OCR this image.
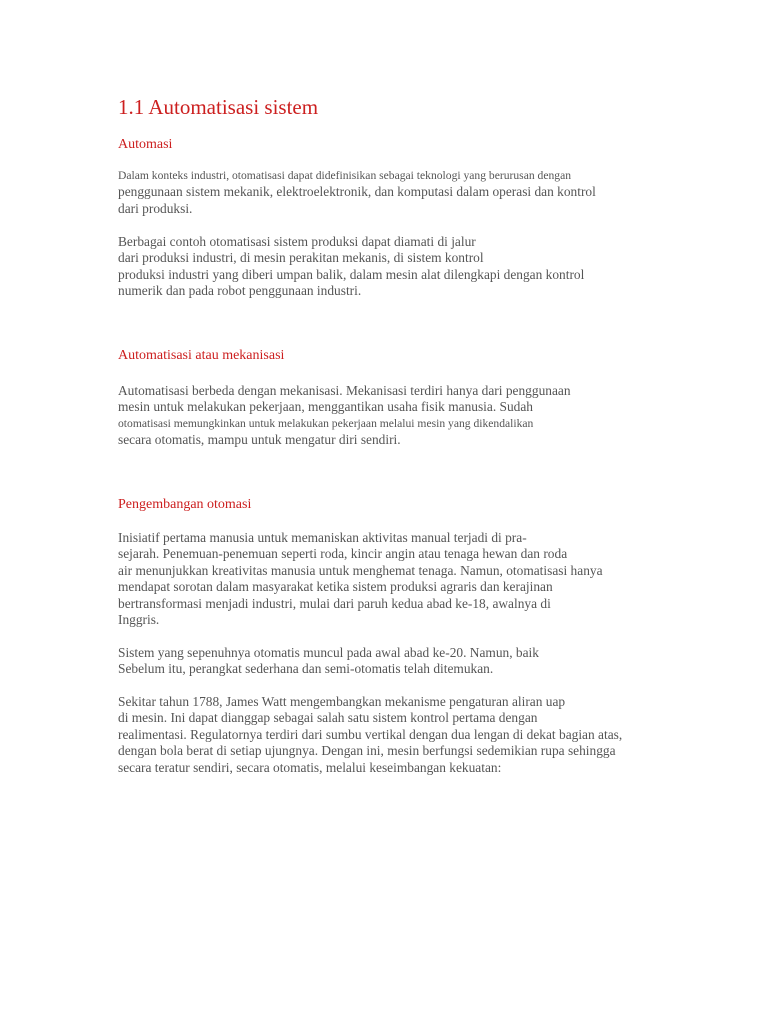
1.1 Automatisasi sistem
Automasi
Dalam konteks industri, otomatisasi dapat didefinisikan sebagai teknologi yang berurusan dengan
penggunaan sistem mekanik, elektroelektronik, dan komputasi dalam operasi dan kontrol
dari produksi.
Berbagai contoh otomatisasi sistem produksi dapat diamati di jalur
dari produksi industri, di mesin perakitan mekanis, di sistem kontrol
produksi industri yang diberi umpan balik, dalam mesin alat dilengkapi dengan kontrol
numerik dan pada robot penggunaan industri.
Automatisasi atau mekanisasi
Automatisasi berbeda dengan mekanisasi. Mekanisasi terdiri hanya dari penggunaan
mesin untuk melakukan pekerjaan, menggantikan usaha fisik manusia. Sudah
otomatisasi memungkinkan untuk melakukan pekerjaan melalui mesin yang dikendalikan
secara otomatis, mampu untuk mengatur diri sendiri.
Pengembangan otomasi
Inisiatif pertama manusia untuk memaniskan aktivitas manual terjadi di pra-
sejarah. Penemuan-penemuan seperti roda, kincir angin atau tenaga hewan dan roda
air menunjukkan kreativitas manusia untuk menghemat tenaga. Namun, otomatisasi hanya
mendapat sorotan dalam masyarakat ketika sistem produksi agraris dan kerajinan
bertransformasi menjadi industri, mulai dari paruh kedua abad ke-18, awalnya di
Inggris.
Sistem yang sepenuhnya otomatis muncul pada awal abad ke-20. Namun, baik
Sebelum itu, perangkat sederhana dan semi-otomatis telah ditemukan.
Sekitar tahun 1788, James Watt mengembangkan mekanisme pengaturan aliran uap
di mesin. Ini dapat dianggap sebagai salah satu sistem kontrol pertama dengan
realimentasi. Regulatornya terdiri dari sumbu vertikal dengan dua lengan di dekat bagian atas,
dengan bola berat di setiap ujungnya. Dengan ini, mesin berfungsi sedemikian rupa sehingga
secara teratur sendiri, secara otomatis, melalui keseimbangan kekuatan:
